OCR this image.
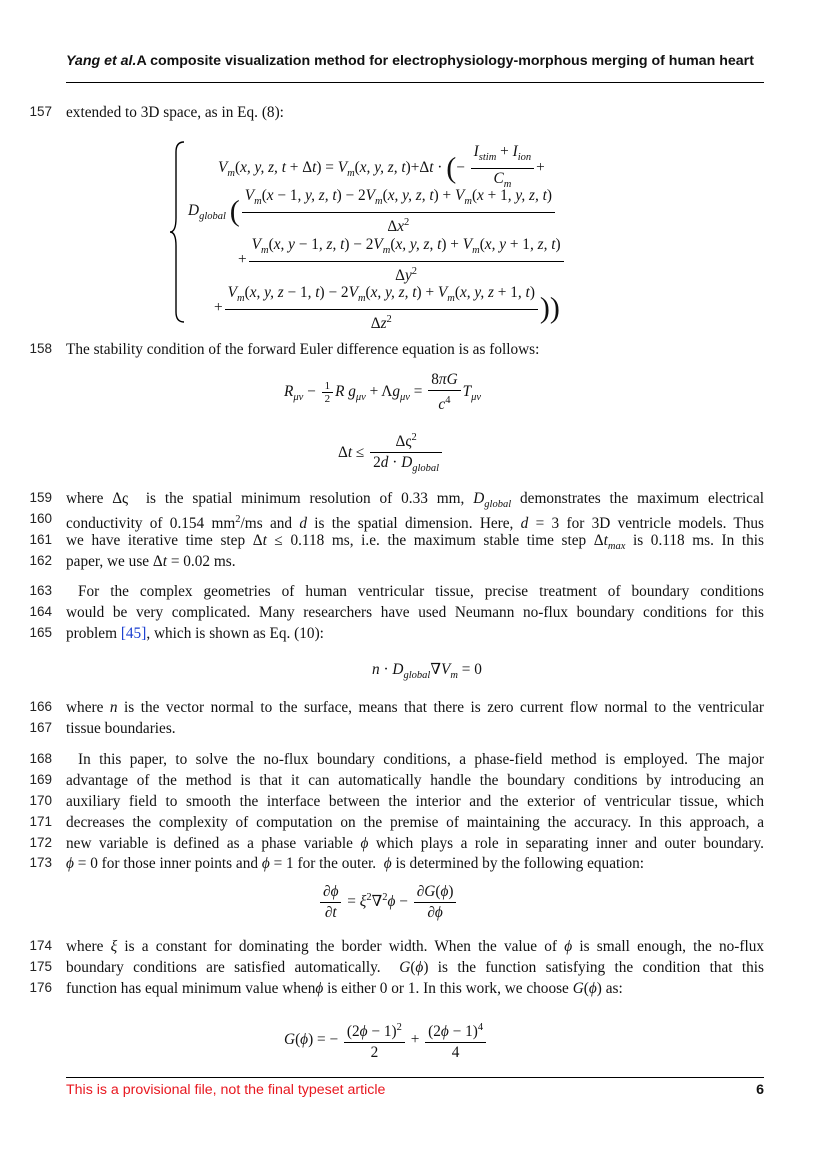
Yang et al.A composite visualization method for electrophysiology-morphous merging of human heart
157
158
159
160
161
162
163
164
165
166
167
168
169
170
171
172
173
174
175
176
extended to 3D space, as in Eq. (8):
$V_m(x$, y, z, $t + \Delta t) = V_m(x$, y, z, t)+Δt · (− $\frac{I_{stim} + I_{ion}}{C_m}$ +
$D_{global}$ ( $\frac{V_m(x - 1, y, z, t) - 2V_m(x, y, z, t) + V_m(x + 1, y, z, t)}{\Delta x^2}$
+ $\frac{V_m(x, y - 1, z, t) - 2V_m(x, y, z, t) + V_m(x, y + 1, z, t)}{\Delta y^2}$
+ $\frac{V_m(x, y, z - 1, t) - 2V_m(x, y, z, t) + V_m(x, y, z + 1, t)}{\Delta z^2}$ ))
The stability condition of the forward Euler difference equation is as follows:
$R_{\mu\nu} - \frac{1}{2}$ R $g_{\mu\nu} + \Lambda g_{\mu\nu} = \frac{8\pi G}{c^4} T_{\mu\nu}$
$\Delta t \le \frac{\Delta\varsigma^2}{2d \cdot D_{global}}$
where Δς  is the spatial minimum resolution of 0.33 mm, $D_{global}$ demonstrates the maximum electrical
conductivity of 0.154 $mm^2/ms$ and d is the spatial dimension. Here, d = 3 for 3D ventricle models. Thus
we have iterative time step Δt ≤ 0.118 ms, i.e. the maximum stable time step $\Delta t_{max}$ is 0.118 ms. In this
paper, we use Δt = 0.02 ms.
For the complex geometries of human ventricular tissue, precise treatment of boundary conditions
would be very complicated. Many researchers have used Neumann no-flux boundary conditions for this
problem [45], which is shown as Eq. (10):
$n \cdot D_{global}\nabla V_m = 0$
where n is the vector normal to the surface, means that there is zero current flow normal to the ventricular
tissue boundaries.
In this paper, to solve the no-flux boundary conditions, a phase-field method is employed. The major
advantage of the method is that it can automatically handle the boundary conditions by introducing an
auxiliary field to smooth the interface between the interior and the exterior of ventricular tissue, which
decreases the complexity of computation on the premise of maintaining the accuracy. In this approach, a
new variable is defined as a phase variable ϕ which plays a role in separating inner and outer boundary.
ϕ = 0 for those inner points and ϕ = 1 for the outer. ϕ is determined by the following equation:
$\frac{\partial\phi}{\partial t} = \xi^2\nabla^2\phi - \frac{\partial G(\phi)}{\partial\phi}$
where ξ is a constant for dominating the border width. When the value of ϕ is small enough, the no-flux
boundary conditions are satisfied automatically. G(ϕ) is the function satisfying the condition that this
function has equal minimum value whenϕ is either 0 or 1. In this work, we choose G(ϕ) as:
G(ϕ) = − $\frac{(2\phi - 1)^2}{2} + \frac{(2\phi - 1)^4}{4}$
This is a provisional file, not the final typeset article	6
